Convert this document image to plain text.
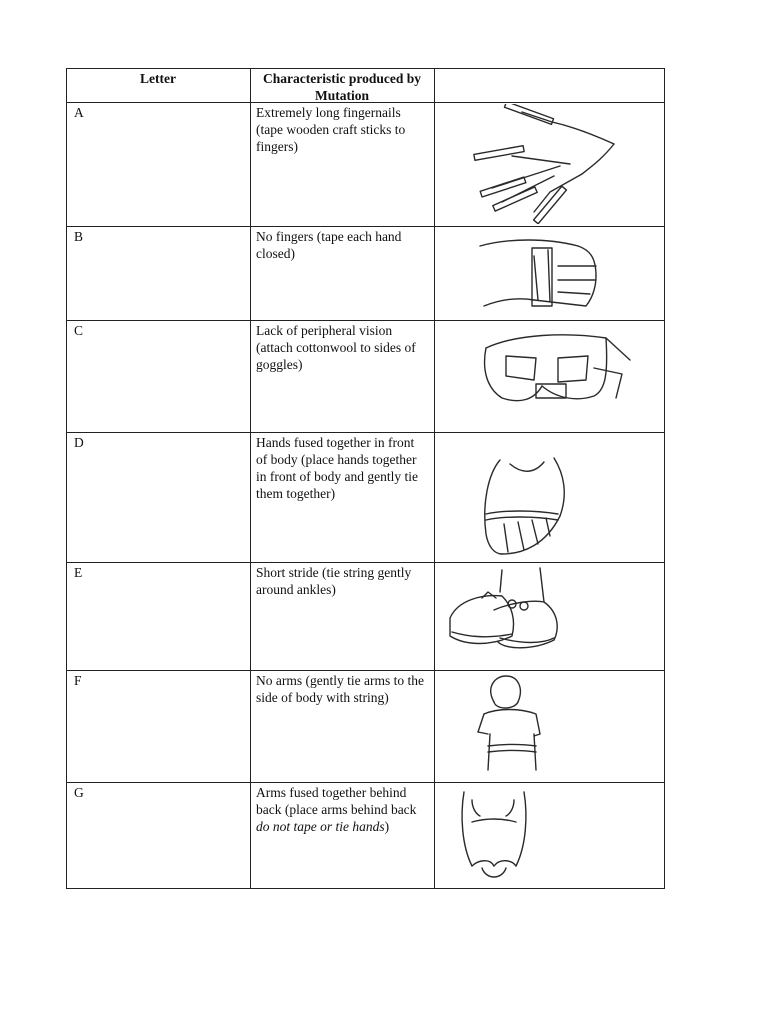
Letter	Characteristic produced by Mutation
A	Extremely long fingernails (tape wooden craft sticks to fingers)
B	No fingers (tape each hand closed)
C	Lack of peripheral vision (attach cottonwool to sides of goggles)
D	Hands fused together in front of body (place hands together in front of body and gently tie them together)
E	Short stride (tie string gently around ankles)
F	No arms (gently tie arms to the side of body with string)
G	Arms fused together behind back (place arms behind back do not tape or tie hands)
